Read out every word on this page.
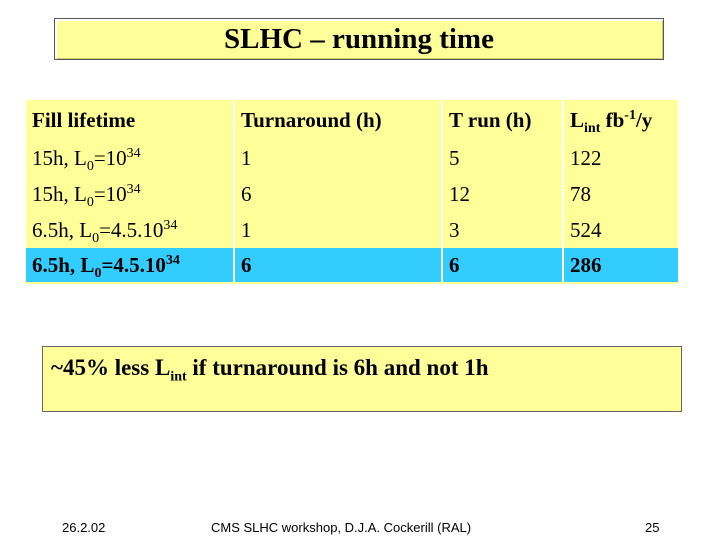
SLHC – running time
Fill lifetime	Turnaround (h)	T run (h)	$L_{int}$ $fb^{-1}/y$
15h, $L_0=10^{34}$	1	5	122
15h, $L_0=10^{34}$	6	12	78
6.5h, $L_0=4.5.10^{34}$	1	3	524
6.5h, $L_0=4.5.10^{34}$	6	6	286
~45% less $L_{int}$ if turnaround is 6h and not 1h
26.2.02	CMS SLHC workshop, D.J.A. Cockerill (RAL)	25
